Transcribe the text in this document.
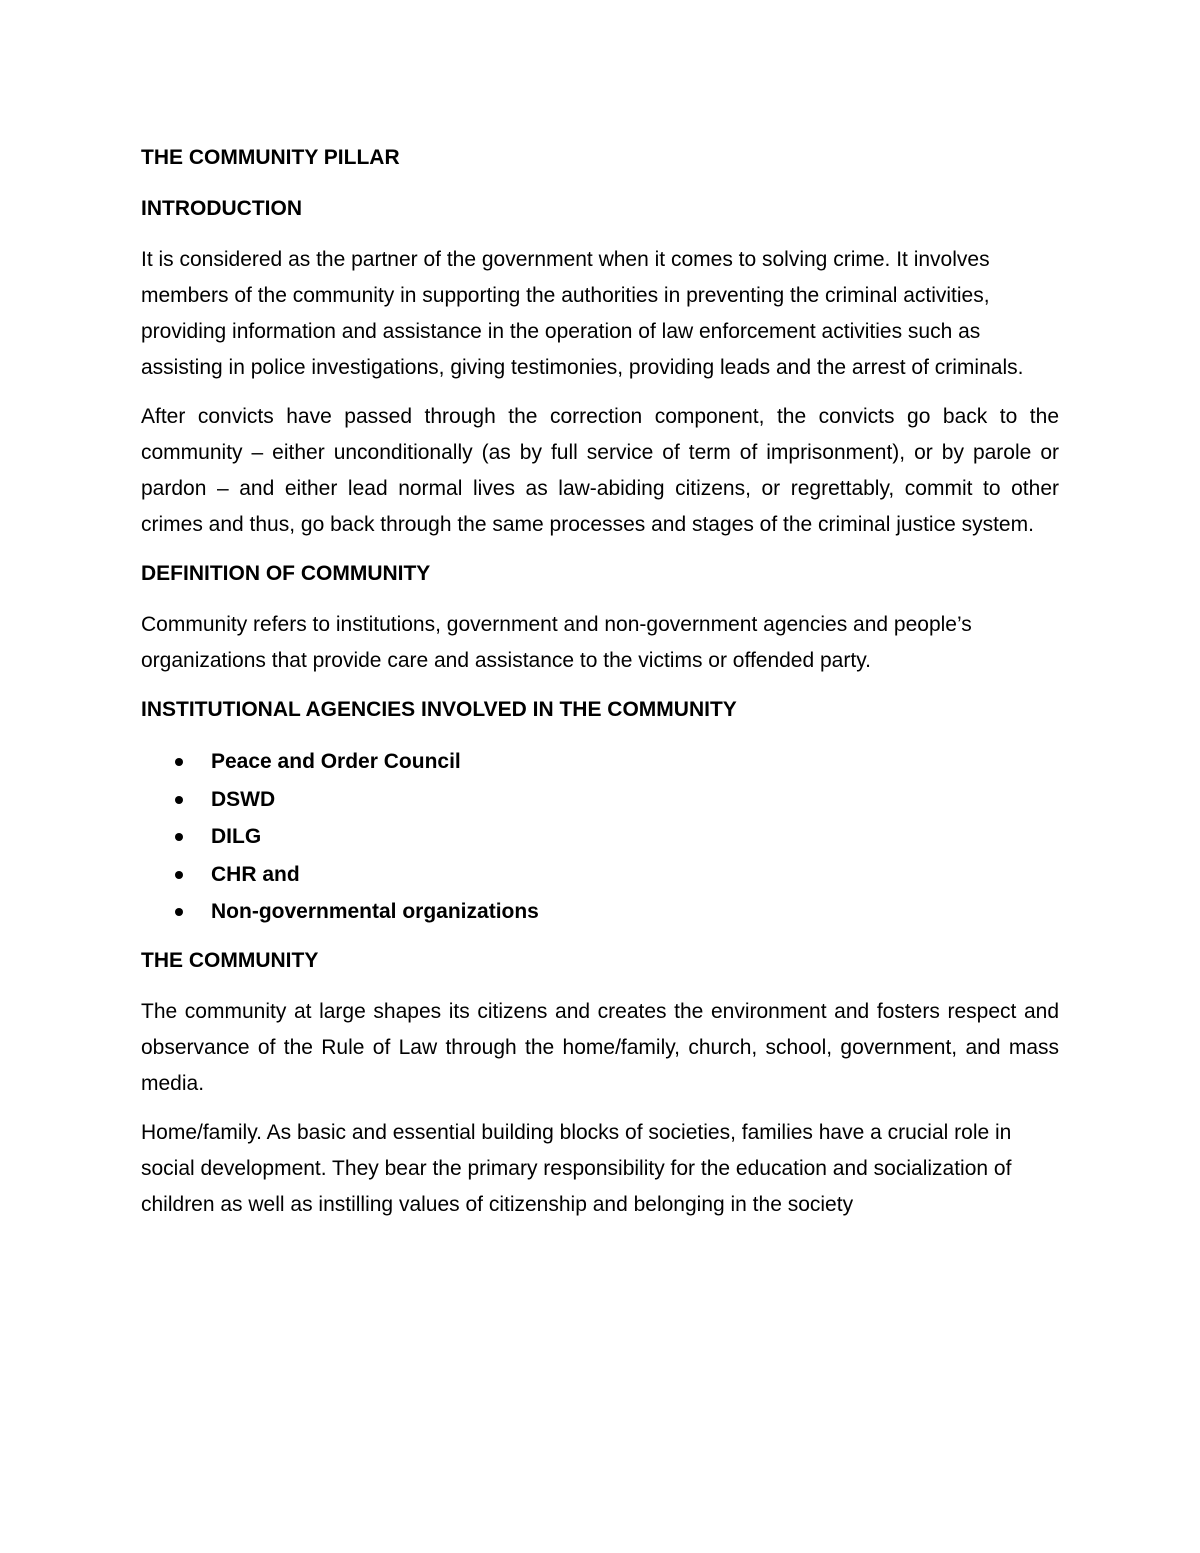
THE COMMUNITY PILLAR
INTRODUCTION
It is considered as the partner of the government when it comes to solving crime. It involves members of the community in supporting the authorities in preventing the criminal activities, providing information and assistance in the operation of law enforcement activities such as assisting in police investigations, giving testimonies, providing leads and the arrest of criminals.
After convicts have passed through the correction component, the convicts go back to the community – either unconditionally (as by full service of term of imprisonment), or by parole or pardon – and either lead normal lives as law-abiding citizens, or regrettably, commit to other crimes and thus, go back through the same processes and stages of the criminal justice system.
DEFINITION OF COMMUNITY
Community refers to institutions, government and non-government agencies and people’s organizations that provide care and assistance to the victims or offended party.
INSTITUTIONAL AGENCIES INVOLVED IN THE COMMUNITY
Peace and Order Council
DSWD
DILG
CHR and
Non-governmental organizations
THE COMMUNITY
The community at large shapes its citizens and creates the environment and fosters respect and observance of the Rule of Law through the home/family, church, school, government, and mass media.
Home/family. As basic and essential building blocks of societies, families have a crucial role in social development. They bear the primary responsibility for the education and socialization of children as well as instilling values of citizenship and belonging in the society
